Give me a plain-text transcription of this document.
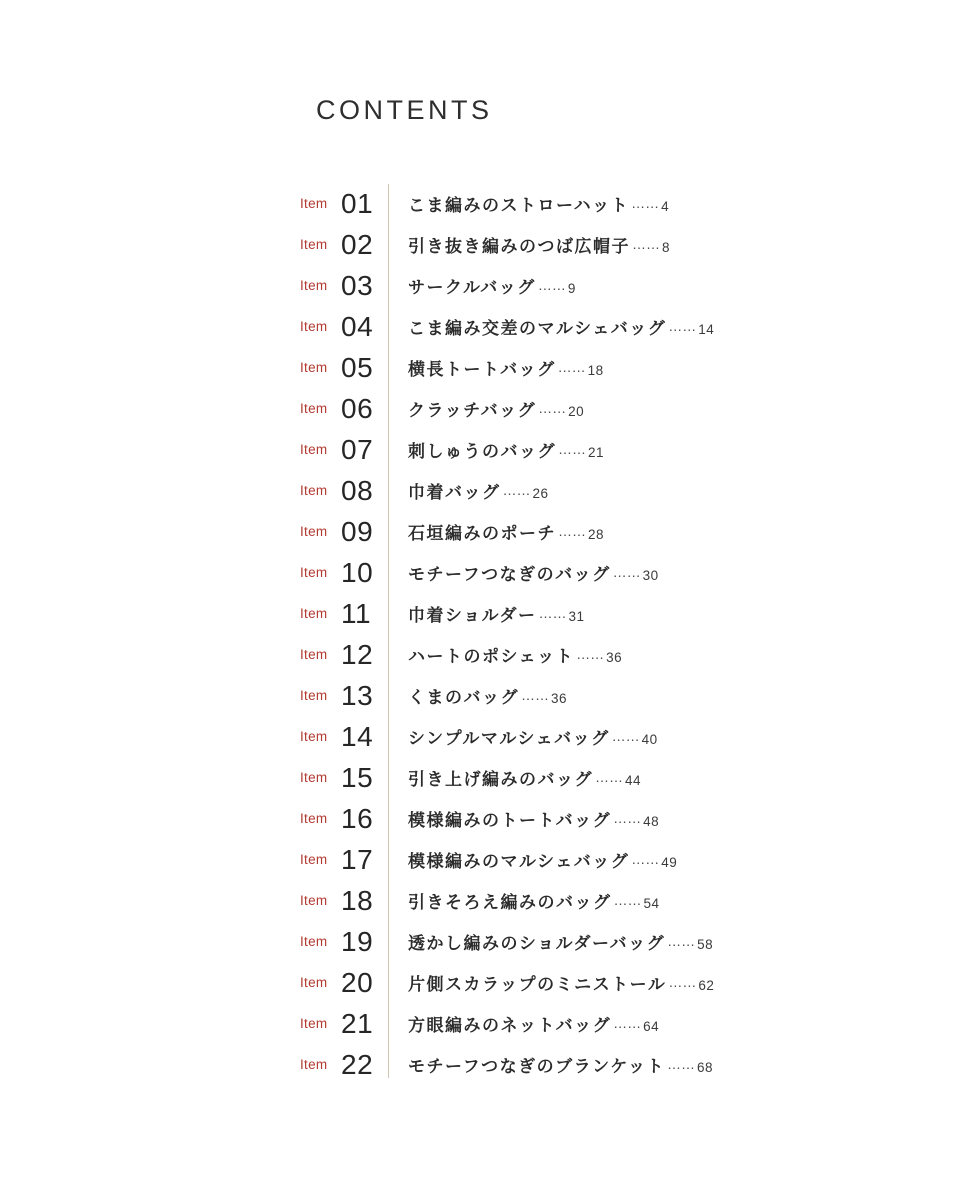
CONTENTS
Item 01	こま編みのストローハット …… 4
Item 02	引き抜き編みのつば広帽子 …… 8
Item 03	サークルバッグ …… 9
Item 04	こま編み交差のマルシェバッグ …… 14
Item 05	横長トートバッグ …… 18
Item 06	クラッチバッグ …… 20
Item 07	刺しゅうのバッグ …… 21
Item 08	巾着バッグ …… 26
Item 09	石垣編みのポーチ …… 28
Item 10	モチーフつなぎのバッグ …… 30
Item 11	巾着ショルダー …… 31
Item 12	ハートのポシェット …… 36
Item 13	くまのバッグ …… 36
Item 14	シンプルマルシェバッグ …… 40
Item 15	引き上げ編みのバッグ …… 44
Item 16	模様編みのトートバッグ …… 48
Item 17	模様編みのマルシェバッグ …… 49
Item 18	引きそろえ編みのバッグ …… 54
Item 19	透かし編みのショルダーバッグ …… 58
Item 20	片側スカラップのミニストール …… 62
Item 21	方眼編みのネットバッグ …… 64
Item 22	モチーフつなぎのブランケット …… 68
